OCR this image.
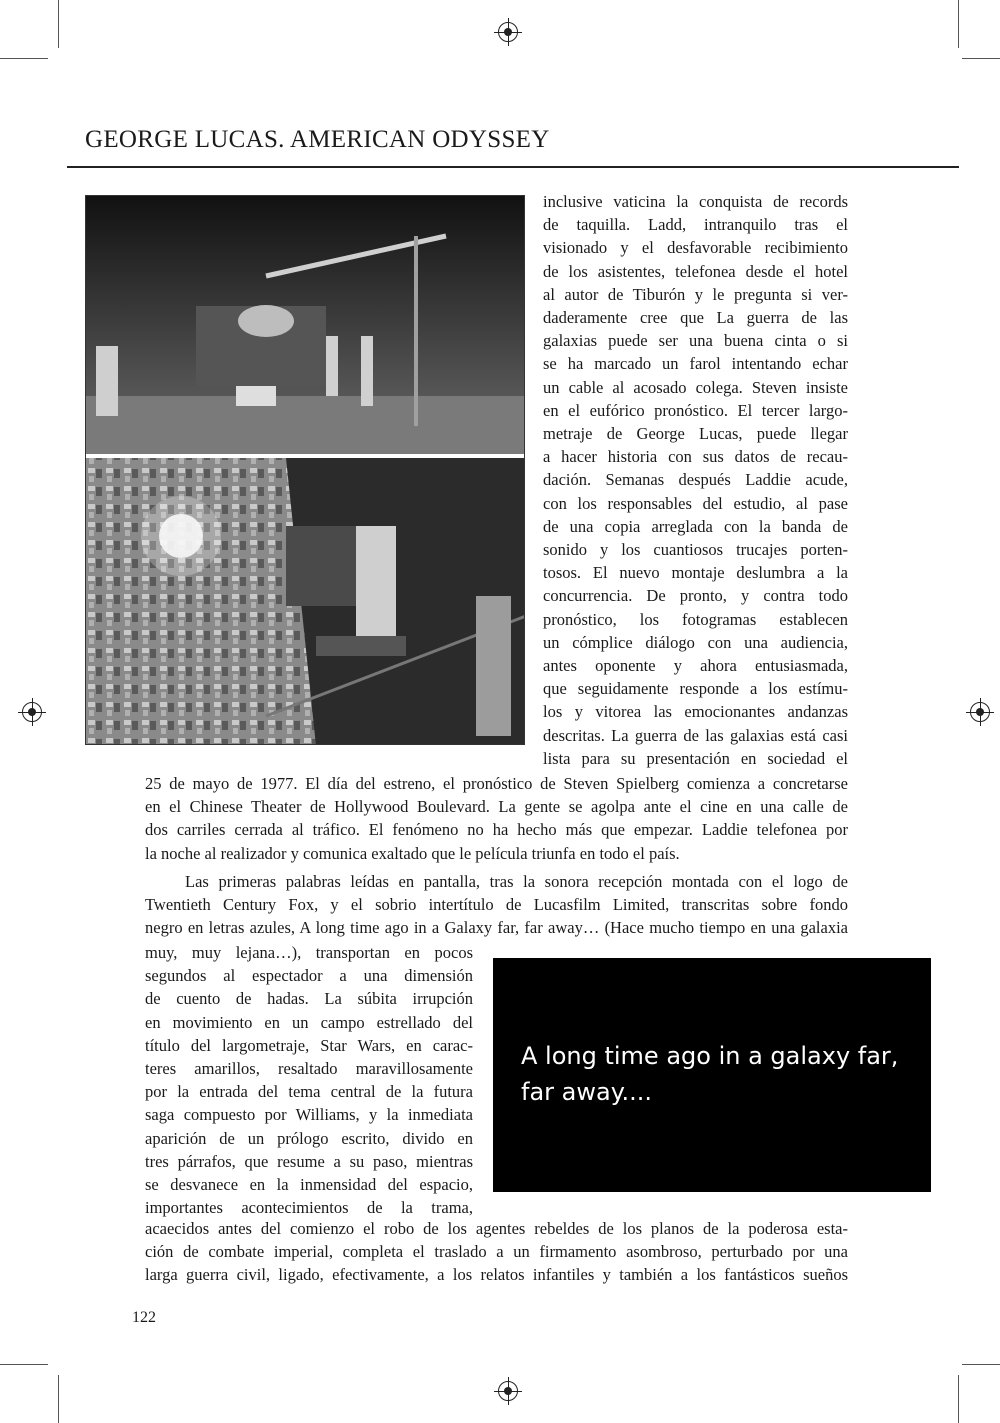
GEORGE LUCAS. AMERICAN ODYSSEY
inclusive vaticina la conquista de records
de taquilla. Ladd, intranquilo tras el
visionado y el desfavorable recibimiento
de los asistentes, telefonea desde el hotel
al autor de Tiburón y le pregunta si ver-
daderamente cree que La guerra de las
galaxias puede ser una buena cinta o si
se ha marcado un farol intentando echar
un cable al acosado colega. Steven insiste
en el eufórico pronóstico. El tercer largo-
metraje de George Lucas, puede llegar
a hacer historia con sus datos de recau-
dación. Semanas después Laddie acude,
con los responsables del estudio, al pase
de una copia arreglada con la banda de
sonido y los cuantiosos trucajes porten-
tosos. El nuevo montaje deslumbra a la
concurrencia. De pronto, y contra todo
pronóstico, los fotogramas establecen
un cómplice diálogo con una audiencia,
antes oponente y ahora entusiasmada,
que seguidamente responde a los estímu-
los y vitorea las emocionantes andanzas
descritas. La guerra de las galaxias está casi
lista para su presentación en sociedad el
25 de mayo de 1977. El día del estreno, el pronóstico de Steven Spielberg comienza a concretarse
en el Chinese Theater de Hollywood Boulevard. La gente se agolpa ante el cine en una calle de
dos carriles cerrada al tráfico. El fenómeno no ha hecho más que empezar. Laddie telefonea por
la noche al realizador y comunica exaltado que le película triunfa en todo el país.
Las primeras palabras leídas en pantalla, tras la sonora recepción montada con el logo de
Twentieth Century Fox, y el sobrio intertítulo de Lucasfilm Limited, transcritas sobre fondo
negro en letras azules, A long time ago in a Galaxy far, far away… (Hace mucho tiempo en una galaxia
muy, muy lejana…), transportan en pocos
segundos al espectador a una dimensión
de cuento de hadas. La súbita irrupción
en movimiento en un campo estrellado del
título del largometraje, Star Wars, en carac-
teres amarillos, resaltado maravillosamente
por la entrada del tema central de la futura
saga compuesto por Williams, y la inmediata
aparición de un prólogo escrito, divido en
tres párrafos, que resume a su paso, mientras
se desvanece en la inmensidad del espacio,
importantes acontecimientos de la trama,
A long time ago in a galaxy far,
far away....
acaecidos antes del comienzo el robo de los agentes rebeldes de los planos de la poderosa esta-
ción de combate imperial, completa el traslado a un firmamento asombroso, perturbado por una
larga guerra civil, ligado, efectivamente, a los relatos infantiles y también a los fantásticos sueños
122
